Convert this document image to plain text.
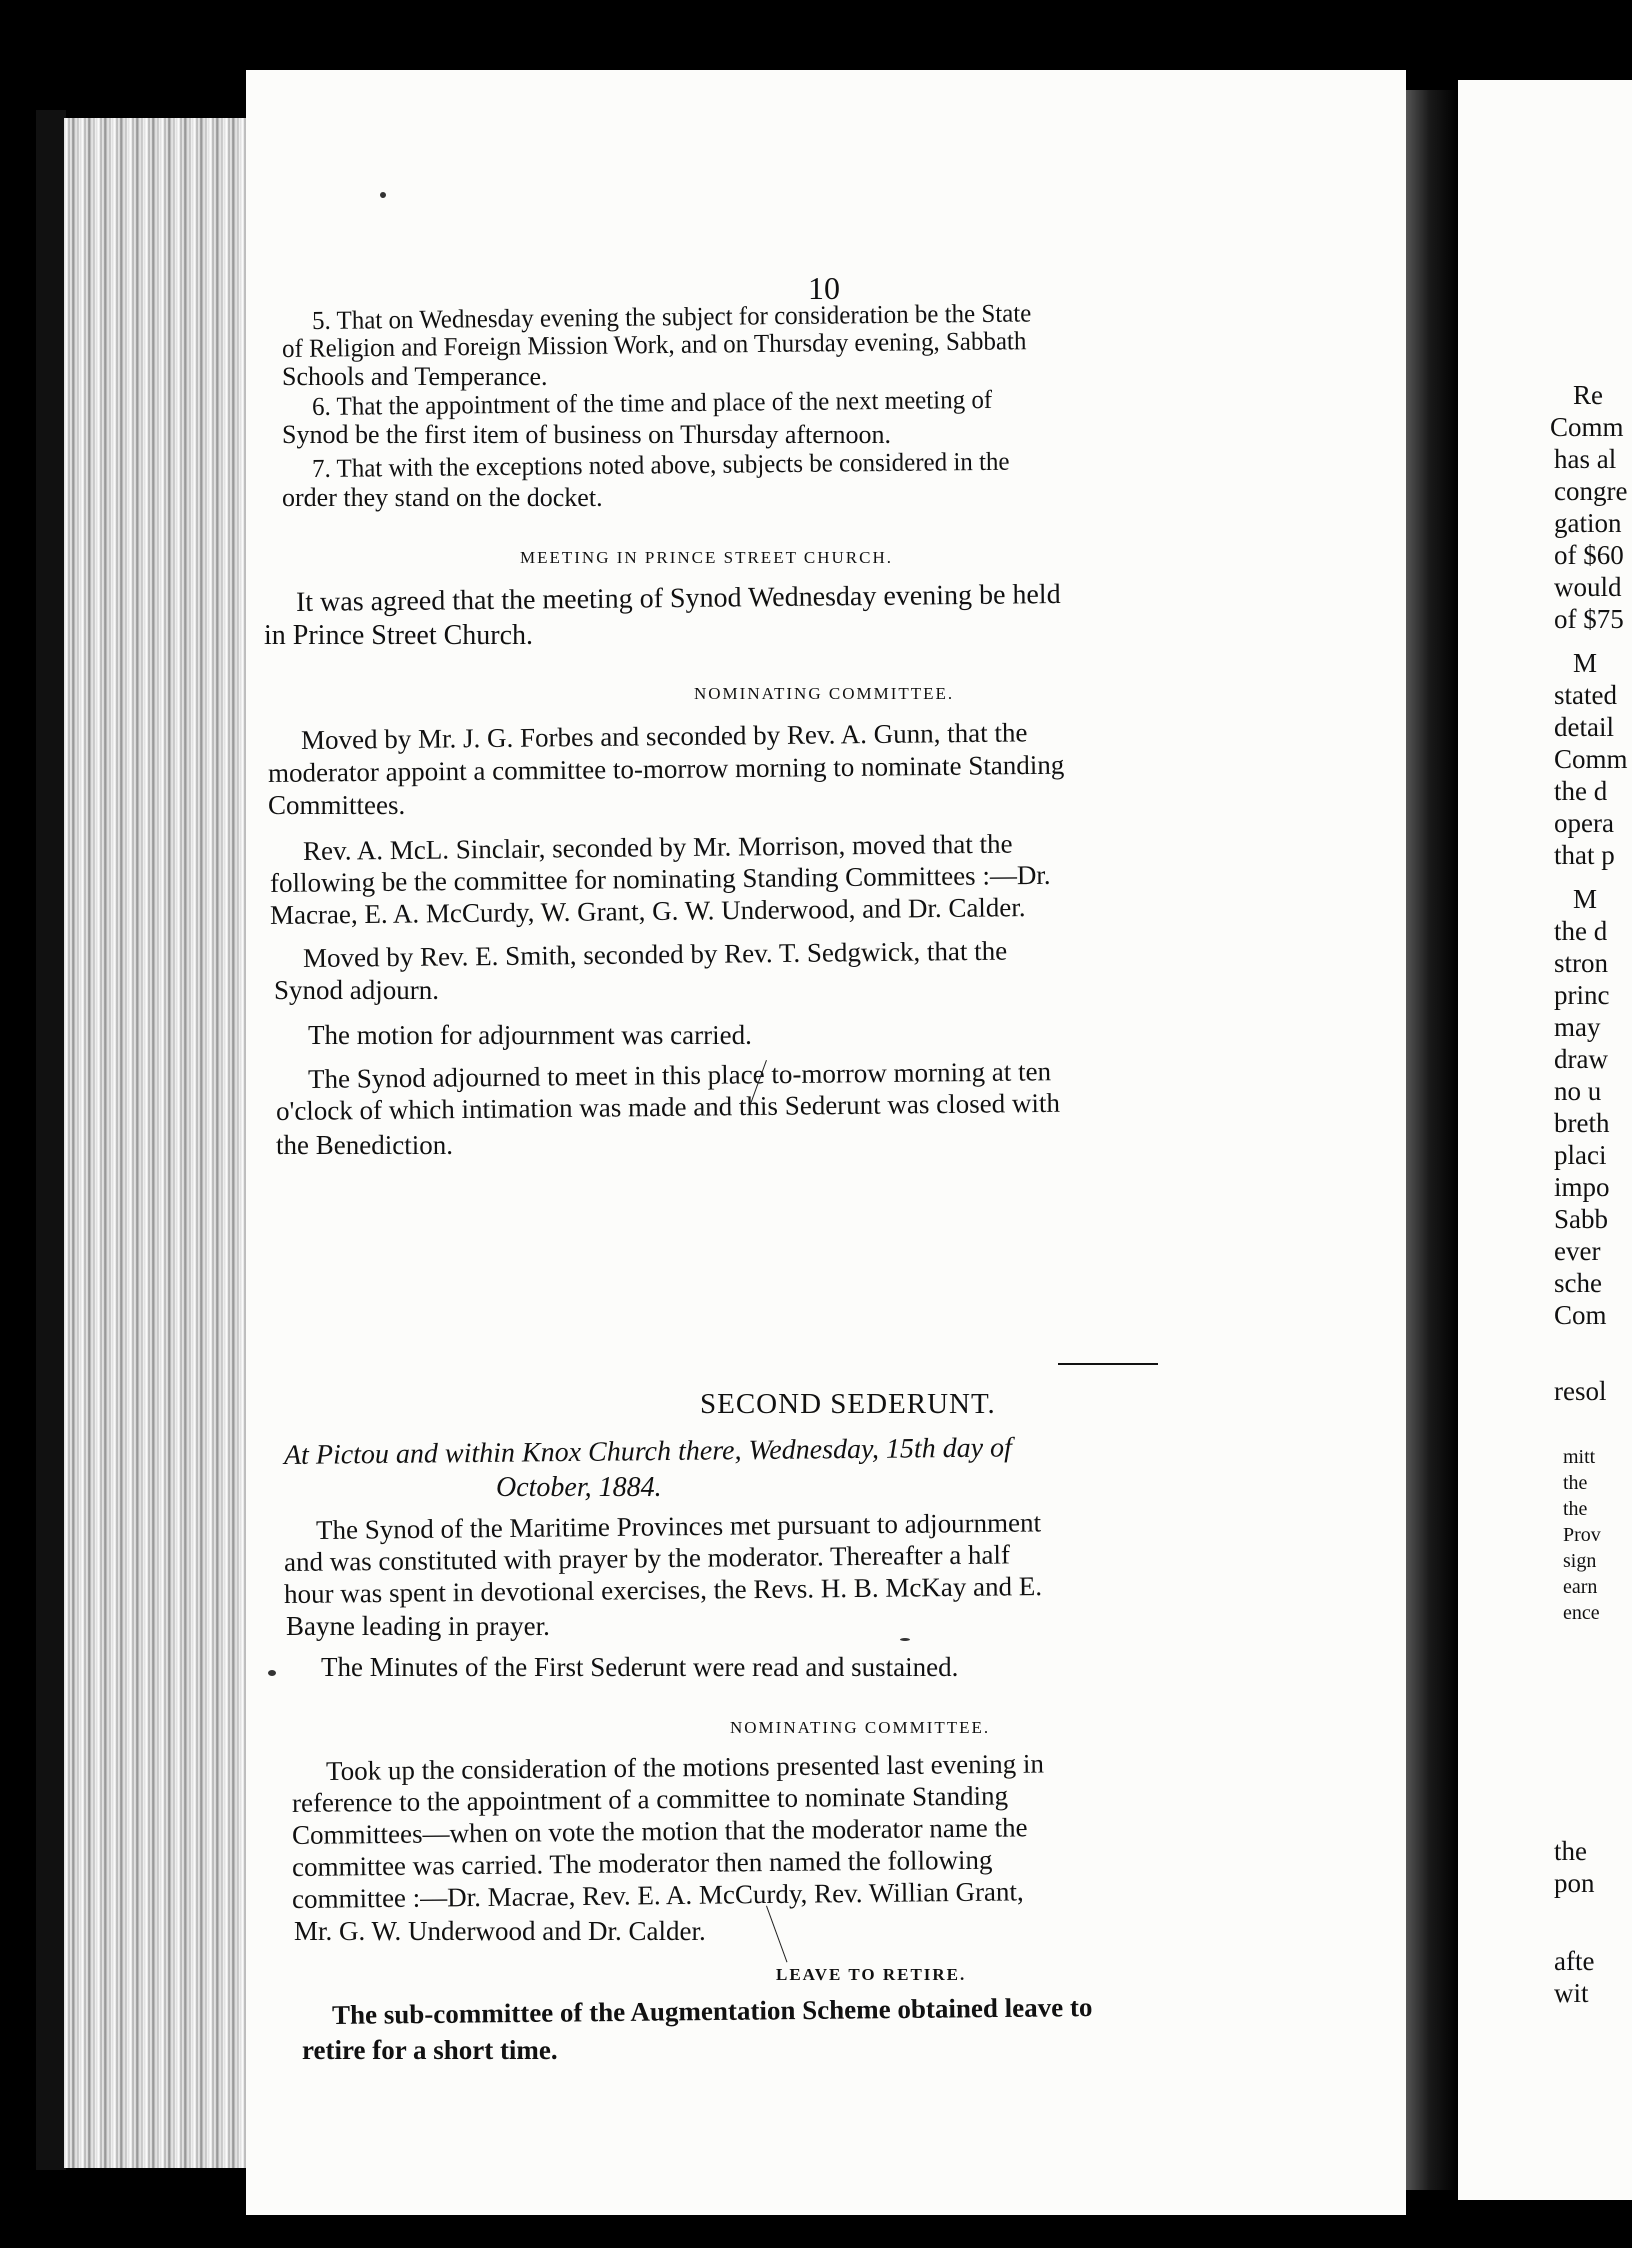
10
5. That on Wednesday evening the subject for consideration be the State
of Religion and Foreign Mission Work, and on Thursday evening, Sabbath
Schools and Temperance.
6. That the appointment of the time and place of the next meeting of
Synod be the first item of business on Thursday afternoon.
7. That with the exceptions noted above, subjects be considered in the
order they stand on the docket.
MEETING IN PRINCE STREET CHURCH.
It was agreed that the meeting of Synod Wednesday evening be held
in Prince Street Church.
NOMINATING COMMITTEE.
Moved by Mr. J. G. Forbes and seconded by Rev. A. Gunn, that the
moderator appoint a committee to-morrow morning to nominate Standing
Committees.
Rev. A. McL. Sinclair, seconded by Mr. Morrison, moved that the
following be the committee for nominating Standing Committees :—Dr.
Macrae, E. A. McCurdy, W. Grant, G. W. Underwood, and Dr. Calder.
Moved by Rev. E. Smith, seconded by Rev. T. Sedgwick, that the
Synod adjourn.
The motion for adjournment was carried.
The Synod adjourned to meet in this place to-morrow morning at ten
o'clock of which intimation was made and this Sederunt was closed with
the Benediction.
SECOND SEDERUNT.
At Pictou and within Knox Church there, Wednesday, 15th day of
October, 1884.
The Synod of the Maritime Provinces met pursuant to adjournment
and was constituted with prayer by the moderator. Thereafter a half
hour was spent in devotional exercises, the Revs. H. B. McKay and E.
Bayne leading in prayer.
The Minutes of the First Sederunt were read and sustained.
NOMINATING COMMITTEE.
Took up the consideration of the motions presented last evening in
reference to the appointment of a committee to nominate Standing
Committees—when on vote the motion that the moderator name the
committee was carried. The moderator then named the following
committee :—Dr. Macrae, Rev. E. A. McCurdy, Rev. Willian Grant,
Mr. G. W. Underwood and Dr. Calder.
LEAVE TO RETIRE.
The sub-committee of the Augmentation Scheme obtained leave to
retire for a short time.
Re
Comm
has al
congre
gation
of $60
would
of $75
M
stated
detail
Comm
the d
opera
that p
M
the d
stron
princ
may
draw
no u
breth
placi
impo
Sabb
ever
sche
Com
resol
mitt
the
the
Prov
sign
earn
ence
the
pon
afte
wit
